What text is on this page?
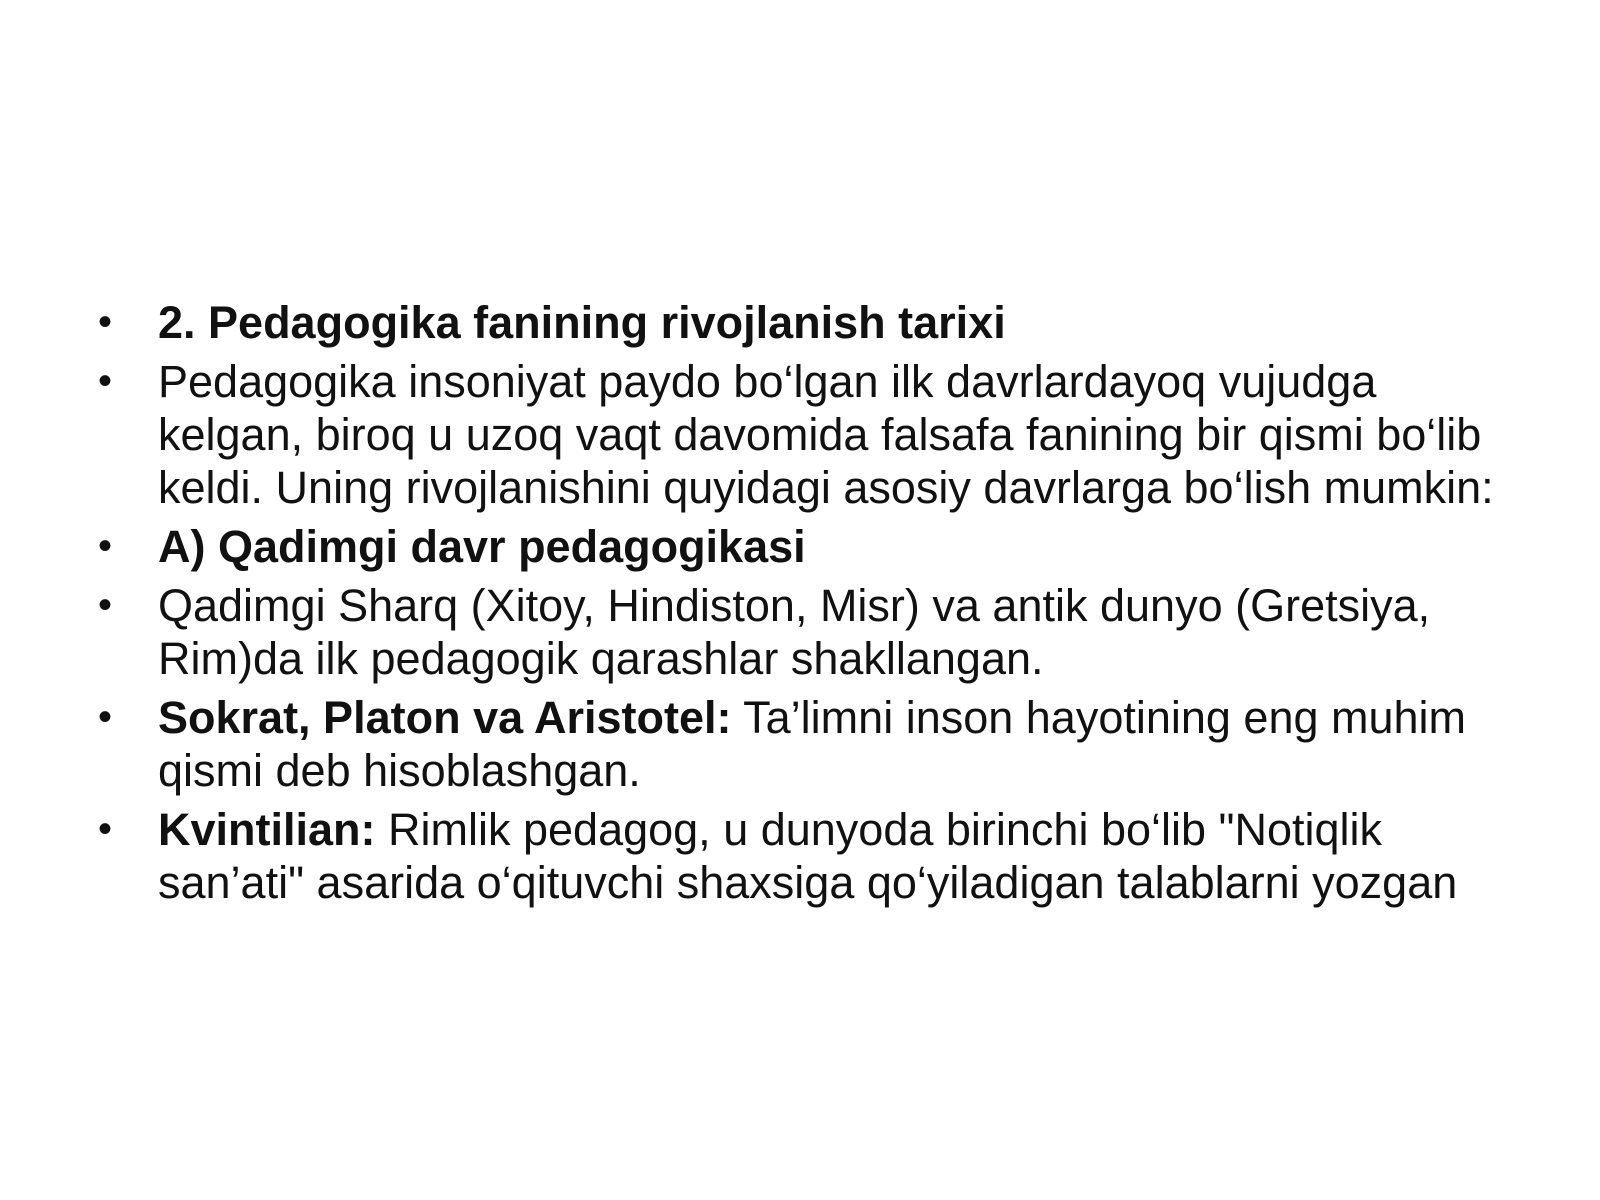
• 2. Pedagogika fanining rivojlanish tarixi
• Pedagogika insoniyat paydo bo‘lgan ilk davrlardayoq vujudga kelgan, biroq u uzoq vaqt davomida falsafa fanining bir qismi bo‘lib keldi. Uning rivojlanishini quyidagi asosiy davrlarga bo‘lish mumkin:
• A) Qadimgi davr pedagogikasi
• Qadimgi Sharq (Xitoy, Hindiston, Misr) va antik dunyo (Gretsiya, Rim)da ilk pedagogik qarashlar shakllangan.
• Sokrat, Platon va Aristotel: Ta’limni inson hayotining eng muhim qismi deb hisoblashgan.
• Kvintilian: Rimlik pedagog, u dunyoda birinchi bo‘lib "Notiqlik san’ati" asarida o‘qituvchi shaxsiga qo‘yiladigan talablarni yozgan
